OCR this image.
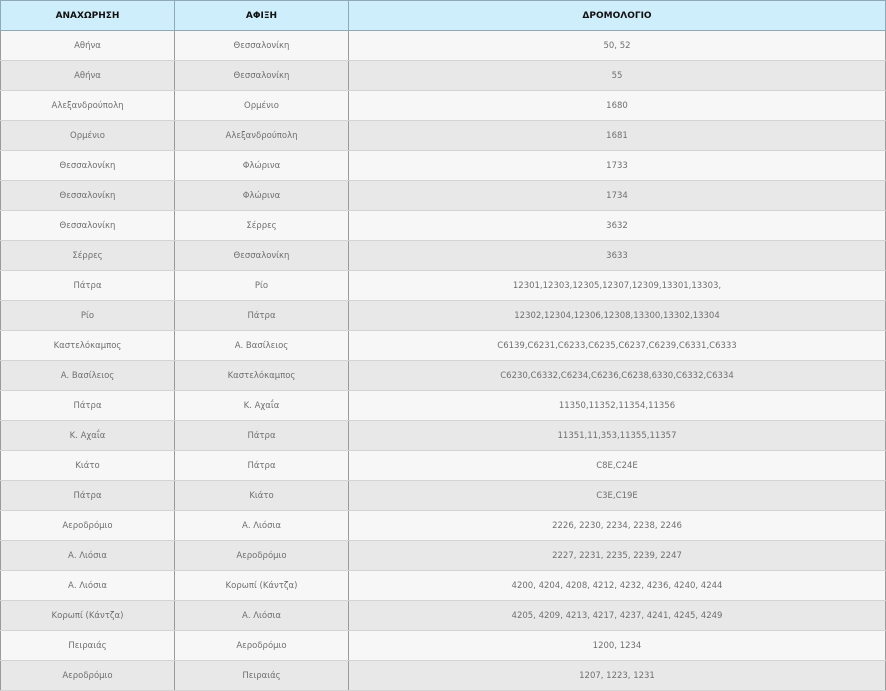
ΑΝΑΧΩΡΗΣΗ	ΑΦΙΞΗ	ΔΡΟΜΟΛΟΓΙΟ
Αθήνα	Θεσσαλονίκη	50, 52
Αθήνα	Θεσσαλονίκη	55
Αλεξανδρούπολη	Ορμένιο	1680
Ορμένιο	Αλεξανδρούπολη	1681
Θεσσαλονίκη	Φλώρινα	1733
Θεσσαλονίκη	Φλώρινα	1734
Θεσσαλονίκη	Σέρρες	3632
Σέρρες	Θεσσαλονίκη	3633
Πάτρα	Ρίο	12301,12303,12305,12307,12309,13301,13303,
Ρίο	Πάτρα	12302,12304,12306,12308,13300,13302,13304
Καστελόκαμπος	Α. Βασίλειος	C6139,C6231,C6233,C6235,C6237,C6239,C6331,C6333
Α. Βασίλειος	Καστελόκαμπος	C6230,C6332,C6234,C6236,C6238,6330,C6332,C6334
Πάτρα	Κ. Αχαΐα	11350,11352,11354,11356
Κ. Αχαΐα	Πάτρα	11351,11,353,11355,11357
Κιάτο	Πάτρα	C8E,C24E
Πάτρα	Κιάτο	C3E,C19E
Αεροδρόμιο	Α. Λιόσια	2226, 2230, 2234, 2238, 2246
Α. Λιόσια	Αεροδρόμιο	2227, 2231, 2235, 2239, 2247
Α. Λιόσια	Κορωπί (Κάντζα)	4200, 4204, 4208, 4212, 4232, 4236, 4240, 4244
Κορωπί (Κάντζα)	Α. Λιόσια	4205, 4209, 4213, 4217, 4237, 4241, 4245, 4249
Πειραιάς	Αεροδρόμιο	1200, 1234
Αεροδρόμιο	Πειραιάς	1207, 1223, 1231
